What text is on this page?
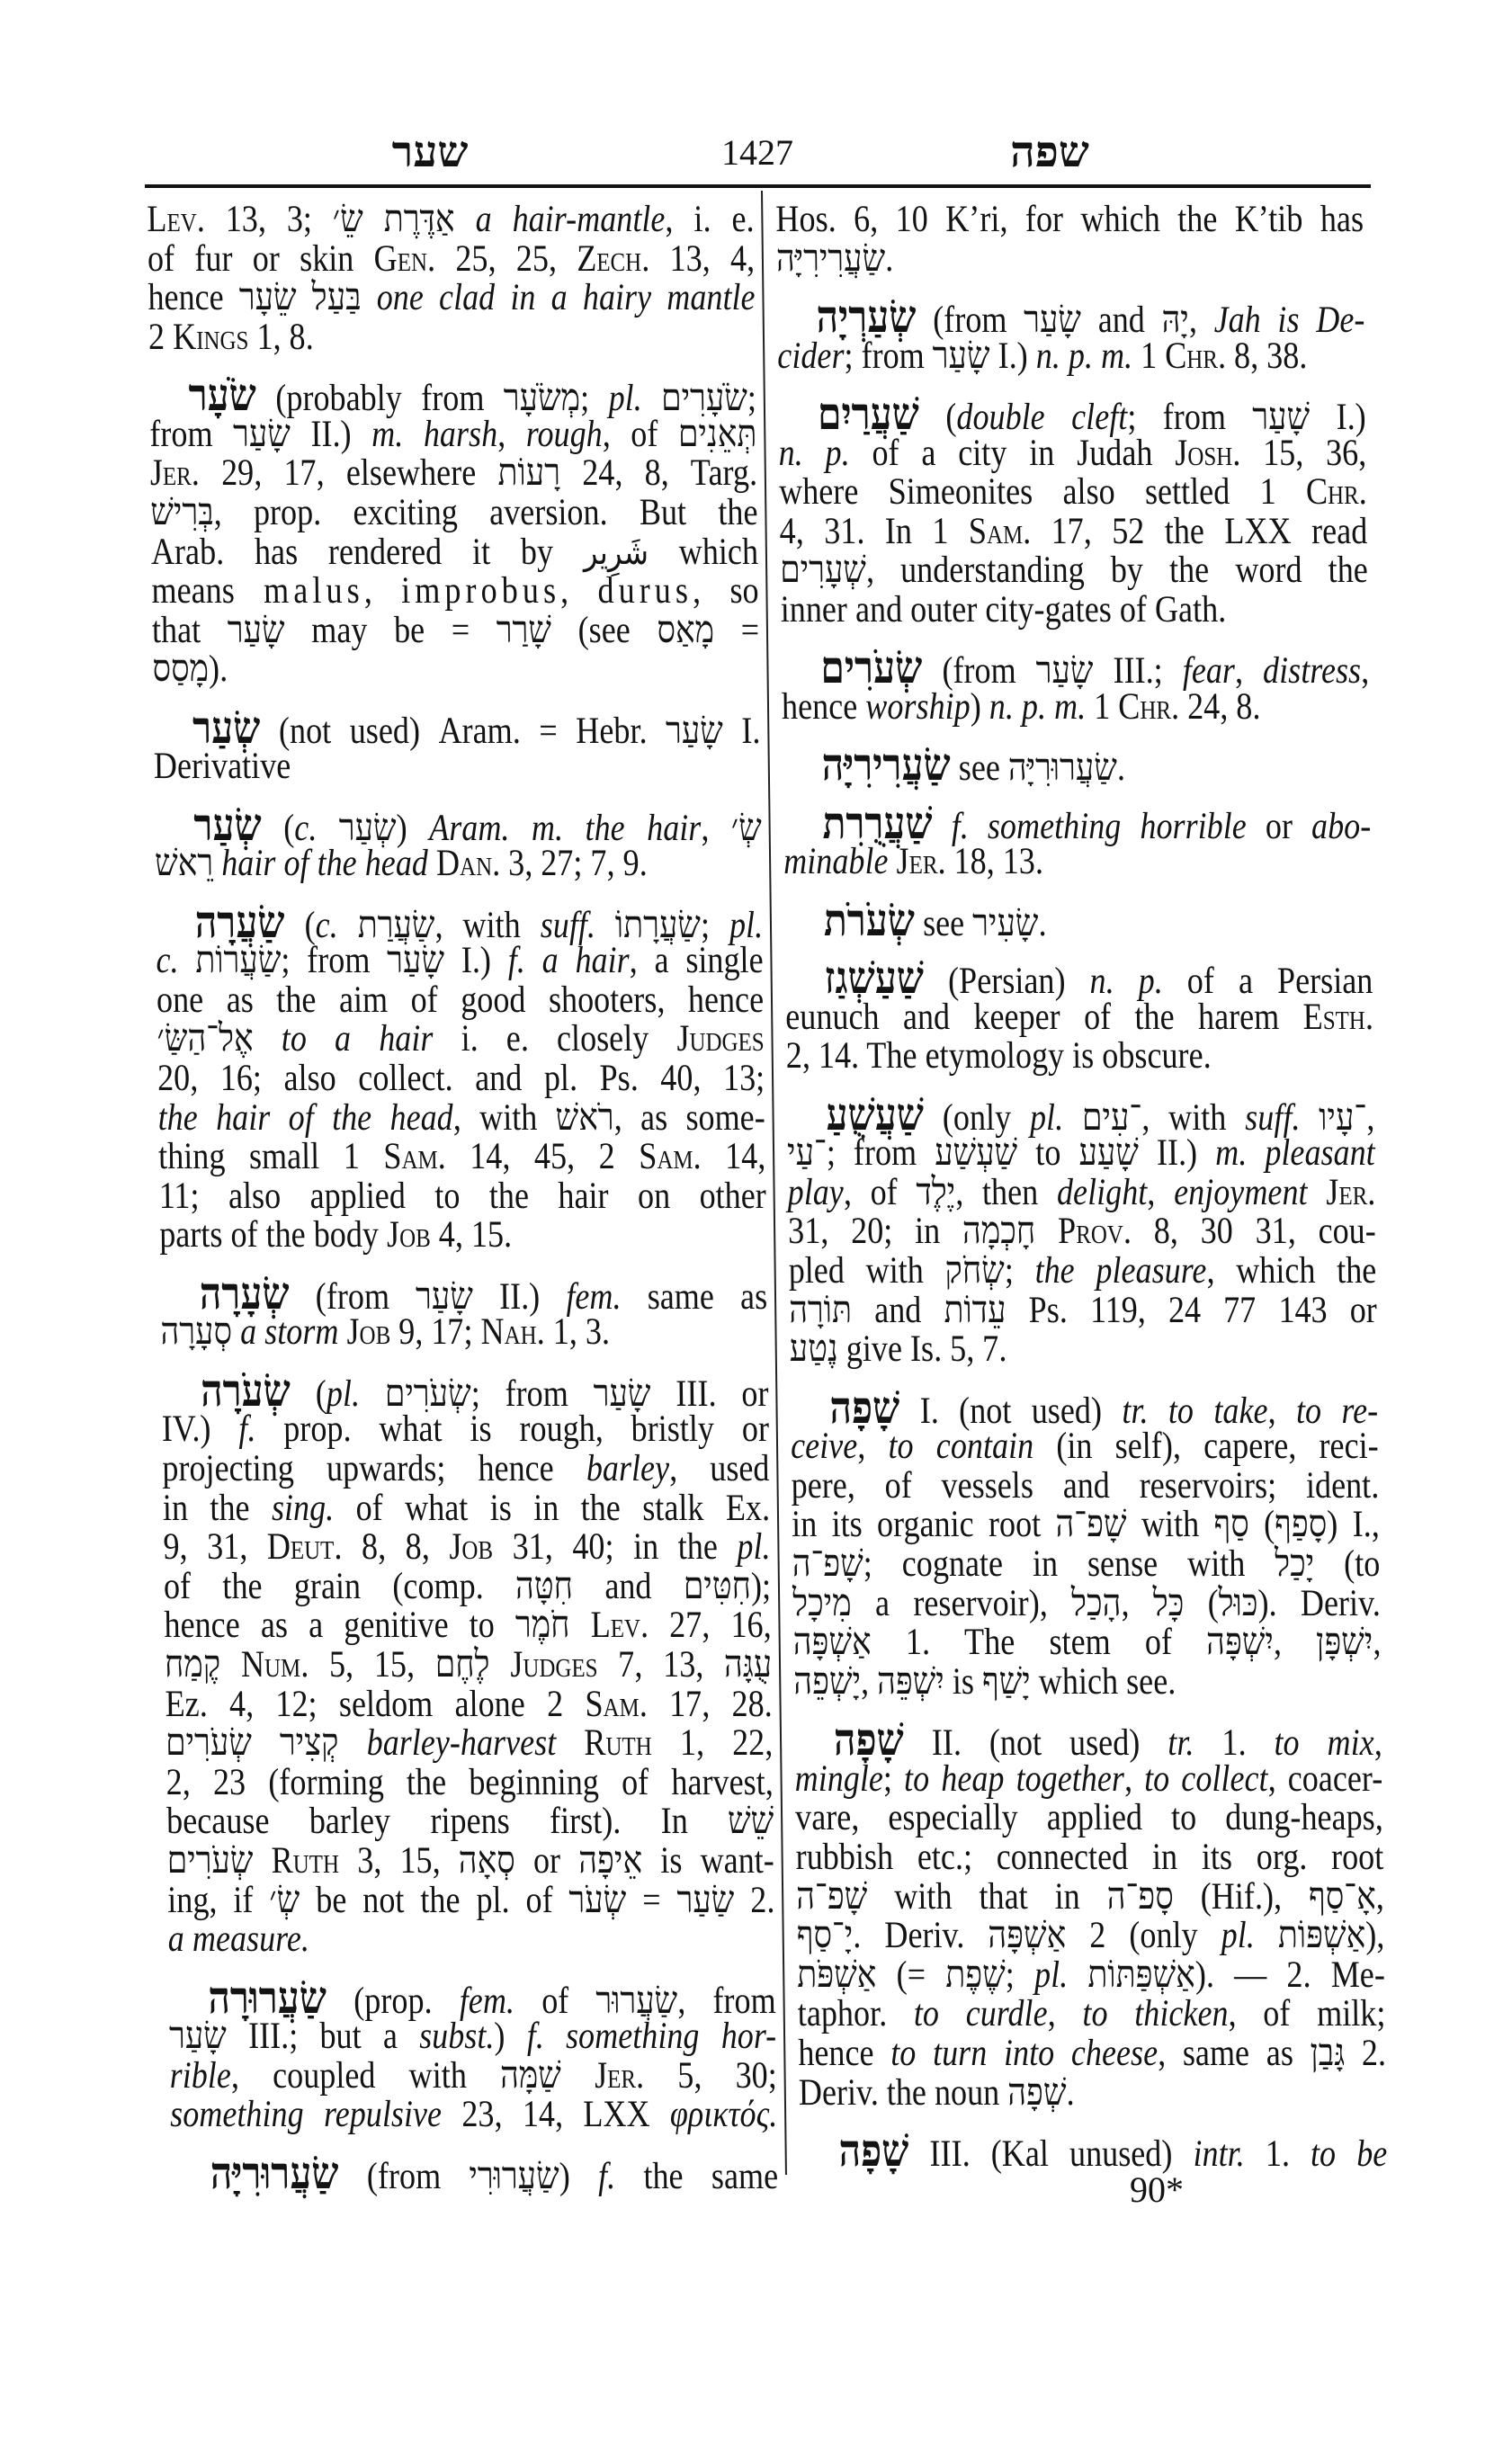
שער	1427	שפה
Lev. 13, 3; אַדֶּרֶת שֵׂ׳ a hair-mantle, i. e.
of fur or skin Gen. 25, 25, Zech. 13, 4,
hence בַּעַל שֵׂעָר one clad in a hairy mantle
2 Kings 1, 8.
שֹׂעָר (probably from מְשֹׂעָר; pl. שֹׂעָרִים;
from שָׂעַר II.) m. harsh, rough, of תְּאֵנִים
Jer. 29, 17, elsewhere רָעוֹת 24, 8, Targ.
בְּרִישׁ, prop. exciting aversion. But the
Arab. has rendered it by شَرِير which
means malus, improbus, durus, so
that שָׂעַר may be = שָׁרַר (see מָאַס =
מָסַס).
שְׂעַר (not used) Aram. = Hebr. שָׂעַר I.
Derivative
שְׂעַר (c. שְׂעַר) Aram. m. the hair, שְׂ׳
רֵאשׁ hair of the head Dan. 3, 27; 7, 9.
שַׂעֲרָה (c. שַׂעֲרַת, with suff. שַׂעֲרָתוֹ; pl.
c. שַׂעֲרוֹת; from שָׂעַר I.) f. a hair, a single
one as the aim of good shooters, hence
אֶל־הַשַּׂ׳ to a hair i. e. closely Judges
20, 16; also collect. and pl. Ps. 40, 13;
the hair of the head, with רֹאשׁ, as some-
thing small 1 Sam. 14, 45, 2 Sam. 14,
11; also applied to the hair on other
parts of the body Job 4, 15.
שְׂעָרָה (from שָׂעַר II.) fem. same as
סְעָרָה a storm Job 9, 17; Nah. 1, 3.
שְׂעֹרָה (pl. שְׂעֹרִים; from שָׂעַר III. or
IV.) f. prop. what is rough, bristly or
projecting upwards; hence barley, used
in the sing. of what is in the stalk Ex.
9, 31, Deut. 8, 8, Job 31, 40; in the pl.
of the grain (comp. חִטָּה and חִטִּים);
hence as a genitive to חֹמֶר Lev. 27, 16,
קֶמַח Num. 5, 15, לֶחֶם Judges 7, 13, עֻגָּה
Ez. 4, 12; seldom alone 2 Sam. 17, 28.
קְצִיר שְׂעֹרִים barley-harvest Ruth 1, 22,
2, 23 (forming the beginning of harvest,
because barley ripens first). In שֵׁשׁ
שְׂעֹרִים Ruth 3, 15, סְאָה or אֵיפָה is want-
ing, if שְׂ׳ be not the pl. of שְׂעֹר = שַׂעַר 2.
a measure.
שַׂעֲרוּרָה (prop. fem. of שַׂעֲרוּר, from
שָׂעַר III.; but a subst.) f. something hor-
rible, coupled with שַׁמָּה Jer. 5, 30;
something repulsive 23, 14, LXX φρικτός.
שַׂעֲרוּרִיָּה (from שַׂעֲרוּרִי) f. the same
Hos. 6, 10 K’ri, for which the K’tib has
שַׂעֲרִירִיָּה.
שְׂעַרְיָה (from שָׂעַר and יָהּ, Jah is De-
cider; from שָׂעַר I.) n. p. m. 1 Chr. 8, 38.
שַׁעֲרַיִם (double cleft; from שָׁעַר I.)
n. p. of a city in Judah Josh. 15, 36,
where Simeonites also settled 1 Chr.
4, 31. In 1 Sam. 17, 52 the LXX read
שְׁעָרִים, understanding by the word the
inner and outer city-gates of Gath.
שְׂעֹרִים (from שָׂעַר III.; fear, distress,
hence worship) n. p. m. 1 Chr. 24, 8.
שַׂעֲרִירִיָּה see שַׂעֲרוּרִיָּה.
שַׁעֲרֻרִת f. something horrible or abo-
minable Jer. 18, 13.
שְׂעֹרֹת see שָׂעִיר.
שַׁעַשְׁגַז (Persian) n. p. of a Persian
eunuch and keeper of the harem Esth.
2, 14. The etymology is obscure.
שַׁעֲשֻׁעַ (only pl. ־עִים, with suff. ־עָיו,
־עַי; from שַׁעְשַׁע to שָׁעַע II.) m. pleasant
play, of יֶלֶד, then delight, enjoyment Jer.
31, 20; in חָכְמָה Prov. 8, 30 31, cou-
pled with שְׂחֹק; the pleasure, which the
תּוֹרָה and עֵדוֹת Ps. 119, 24 77 143 or
נֶטַע give Is. 5, 7.
שָׁפָה I. (not used) tr. to take, to re-
ceive, to contain (in self), capere, reci-
pere, of vessels and reservoirs; ident.
in its organic root שָׁפ־ה with סַף (סָפַף) I.,
שָׁפ־ה; cognate in sense with יָכַל (to
מִיכָל a reservoir), הָכַל, כָּל (כּוּל). Deriv.
אַשְׁפָּה 1. The stem of יִשְׁפָּה, יִשְׁפָּן,
יָשְׁפֵה, יִשְׁפֵּה is יָשַׁף which see.
שָׁפָה II. (not used) tr. 1. to mix,
mingle; to heap together, to collect, coacer-
vare, especially applied to dung-heaps,
rubbish etc.; connected in its org. root
שָׁפ־ה with that in סָפ־ה (Hif.), אָ־סַף,
יָ־סַף. Deriv. אַשְׁפָּה 2 (only pl. אַשְׁפּוֹת),
אַשְׁפֹּת (= שֶׁפֶת; pl. אַשְׁפַּתּוֹת). — 2. Me-
taphor. to curdle, to thicken, of milk;
hence to turn into cheese, same as גָּבַן 2.
Deriv. the noun שְׁפָה.
שָׁפָה III. (Kal unused) intr. 1. to be
90*
